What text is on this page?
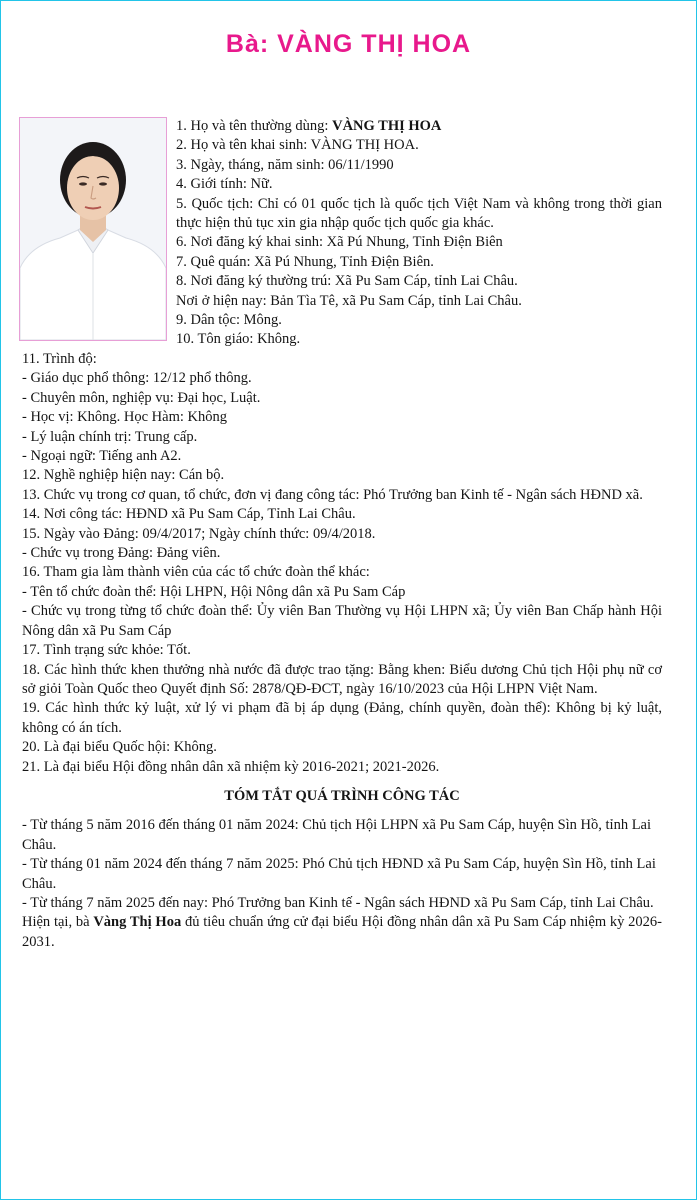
Bà: VÀNG THỊ HOA

1. Họ và tên thường dùng: VÀNG THỊ HOA

2. Họ và tên khai sinh: VÀNG THỊ HOA.

3. Ngày, tháng, năm sinh: 06/11/1990

4. Giới tính: Nữ.

5. Quốc tịch: Chỉ có 01 quốc tịch là quốc tịch Việt Nam và không trong thời gian thực hiện thủ tục xin gia nhập quốc tịch quốc gia khác.

6. Nơi đăng ký khai sinh: Xã Pú Nhung, Tỉnh Điện Biên

7. Quê quán: Xã Pú Nhung, Tỉnh Điện Biên.

8. Nơi đăng ký thường trú: Xã Pu Sam Cáp, tỉnh Lai Châu.

Nơi ở hiện nay: Bản Tìa Tê, xã Pu Sam Cáp, tỉnh Lai Châu.

9. Dân tộc: Mông.

10. Tôn giáo: Không.

11. Trình độ:

- Giáo dục phổ thông: 12/12 phổ thông.

- Chuyên môn, nghiệp vụ: Đại học, Luật.

- Học vị: Không. Học Hàm: Không

- Lý luận chính trị: Trung cấp.

- Ngoại ngữ: Tiếng anh A2.

12. Nghề nghiệp hiện nay: Cán bộ.

13. Chức vụ trong cơ quan, tổ chức, đơn vị đang công tác: Phó Trưởng ban Kinh tế - Ngân sách HĐND xã.

14. Nơi công tác: HĐND xã Pu Sam Cáp, Tỉnh Lai Châu.

15. Ngày vào Đảng: 09/4/2017; Ngày chính thức: 09/4/2018.

- Chức vụ trong Đảng: Đảng viên.

16. Tham gia làm thành viên của các tổ chức đoàn thể khác:

- Tên tổ chức đoàn thể: Hội LHPN, Hội Nông dân xã Pu Sam Cáp

- Chức vụ trong từng tổ chức đoàn thể: Ủy viên Ban Thường vụ Hội LHPN xã; Ủy viên Ban Chấp hành Hội Nông dân xã Pu Sam Cáp

17. Tình trạng sức khỏe: Tốt.

18. Các hình thức khen thưởng nhà nước đã được trao tặng: Bằng khen: Biểu dương Chủ tịch Hội phụ nữ cơ sở giỏi Toàn Quốc theo Quyết định Số: 2878/QĐ-ĐCT, ngày 16/10/2023 của Hội LHPN Việt Nam.

19. Các hình thức kỷ luật, xử lý vi phạm đã bị áp dụng (Đảng, chính quyền, đoàn thể): Không bị kỷ luật, không có án tích.

20. Là đại biểu Quốc hội: Không.

21. Là đại biểu Hội đồng nhân dân xã nhiệm kỳ 2016-2021; 2021-2026.

TÓM TẮT QUÁ TRÌNH CÔNG TÁC

- Từ tháng 5 năm 2016 đến tháng 01 năm 2024: Chủ tịch Hội LHPN xã Pu Sam Cáp, huyện Sìn Hồ, tỉnh Lai Châu.

- Từ tháng 01 năm 2024 đến tháng 7 năm 2025: Phó Chủ tịch HĐND xã Pu Sam Cáp, huyện Sìn Hồ, tỉnh Lai Châu.

- Từ tháng 7 năm 2025 đến nay: Phó Trưởng ban Kinh tế - Ngân sách HĐND xã Pu Sam Cáp, tỉnh Lai Châu.

Hiện tại, bà Vàng Thị Hoa đủ tiêu chuẩn ứng cử đại biểu Hội đồng nhân dân xã Pu Sam Cáp nhiệm kỳ 2026-2031.
